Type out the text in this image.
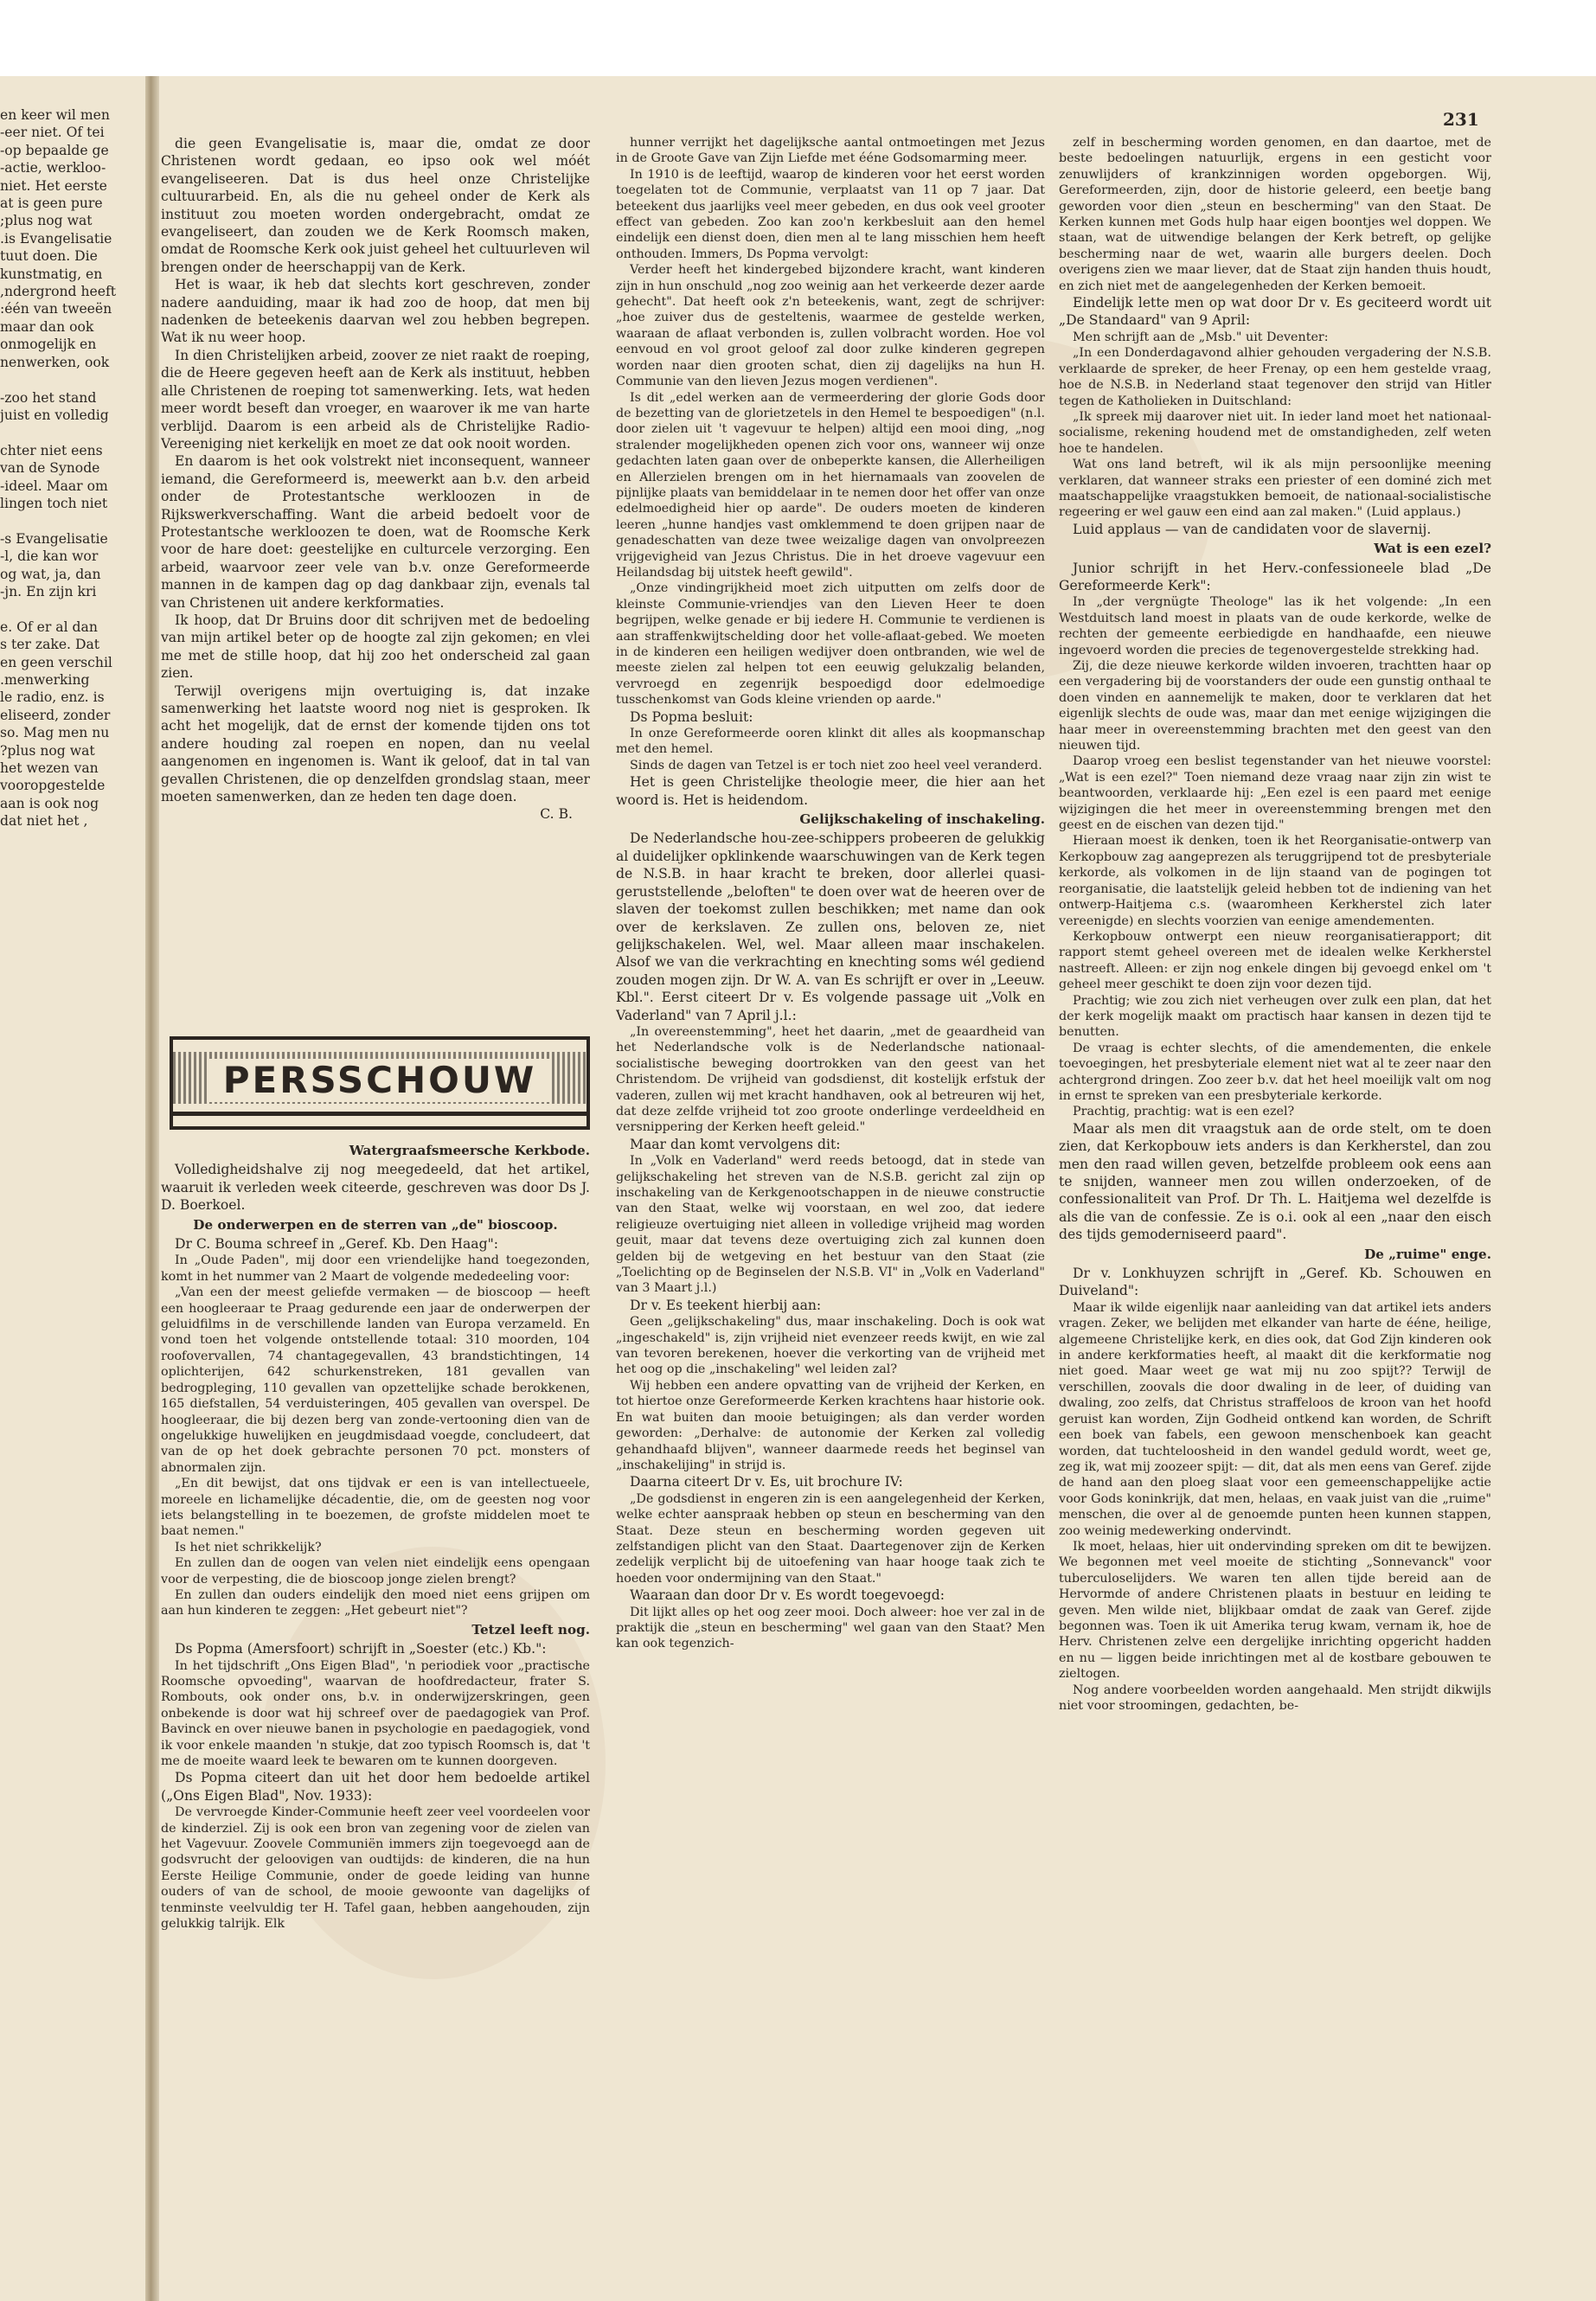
231

en keer wil men

eer niet. Of tei-

op bepaalde ge-

-actie, werkloo-

niet. Het eerste

at is geen pure

plus nog wat;

is Evangelisatie.

tuut doen. Die

kunstmatig, en

ndergrond heeft,

één van tweeën:

maar dan ook

onmogelijk en

nenwerken, ook

zoo het stand-

juist en volledig

chter niet eens

van de Synode

ideel. Maar om-

lingen toch niet

s Evangelisatie-

l, die kan wor-

og wat, ja, dan

jn. En zijn kri-

e. Of er al dan

s ter zake. Dat

en geen verschil

menwerking.

le radio, enz. is

eliseerd, zonder

so. Mag men nu

plus nog wat?

het wezen van

vooropgestelde

aan is ook nog

, dat niet het

die geen Evangelisatie is, maar die, omdat ze door Christenen wordt gedaan, eo ipso ook wel móét evangeliseeren. Dat is dus heel onze Christelijke cultuurarbeid. En, als die nu geheel onder de Kerk als instituut zou moeten worden ondergebracht, omdat ze evangeliseert, dan zouden we de Kerk Roomsch maken, omdat de Roomsche Kerk ook juist geheel het cultuurleven wil brengen onder de heerschappij van de Kerk.

Het is waar, ik heb dat slechts kort geschreven, zonder nadere aanduiding, maar ik had zoo de hoop, dat men bij nadenken de beteekenis daarvan wel zou hebben begrepen. Wat ik nu weer hoop.

In dien Christelijken arbeid, zoover ze niet raakt de roeping, die de Heere gegeven heeft aan de Kerk als instituut, hebben alle Christenen de roeping tot samenwerking. Iets, wat heden meer wordt beseft dan vroeger, en waarover ik me van harte verblijd. Daarom is een arbeid als de Christelijke Radio-Vereeniging niet kerkelijk en moet ze dat ook nooit worden.

En daarom is het ook volstrekt niet inconsequent, wanneer iemand, die Gereformeerd is, meewerkt aan b.v. den arbeid onder de Protestantsche werkloozen in de Rijkswerkverschaffing. Want die arbeid bedoelt voor de Protestantsche werkloozen te doen, wat de Roomsche Kerk voor de hare doet: geestelijke en culturcele verzorging. Een arbeid, waarvoor zeer vele van b.v. onze Gereformeerde mannen in de kampen dag op dag dankbaar zijn, evenals tal van Christenen uit andere kerkformaties.

Ik hoop, dat Dr Bruins door dit schrijven met de bedoeling van mijn artikel beter op de hoogte zal zijn gekomen; en vlei me met de stille hoop, dat hij zoo het onderscheid zal gaan zien.

Terwijl overigens mijn overtuiging is, dat inzake samenwerking het laatste woord nog niet is gesproken. Ik acht het mogelijk, dat de ernst der komende tijden ons tot andere houding zal roepen en nopen, dan nu veelal aangenomen en ingenomen is. Want ik geloof, dat in tal van gevallen Christenen, die op denzelfden grondslag staan, meer moeten samenwerken, dan ze heden ten dage doen.

C. B.

PERSSCHOUW
Watergraafsmeersche Kerkbode.

Volledigheidshalve zij nog meegedeeld, dat het artikel, waaruit ik verleden week citeerde, geschreven was door Ds J. D. Boerkoel.

De onderwerpen en de sterren van „de" bioscoop.

Dr C. Bouma schreef in „Geref. Kb. Den Haag":

In „Oude Paden", mij door een vriendelijke hand toegezonden, komt in het nummer van 2 Maart de volgende mededeeling voor:

„Van een der meest geliefde vermaken — de bioscoop — heeft een hoogleeraar te Praag gedurende een jaar de onderwerpen der geluidfilms in de verschillende landen van Europa verzameld. En vond toen het volgende ontstellende totaal: 310 moorden, 104 roofovervallen, 74 chantagegevallen, 43 brandstichtingen, 14 oplichterijen, 642 schurkenstreken, 181 gevallen van bedrogpleging, 110 gevallen van opzettelijke schade berokkenen, 165 diefstallen, 54 verduisteringen, 405 gevallen van overspel. De hoogleeraar, die bij dezen berg van zonde-vertooning dien van de ongelukkige huwelijken en jeugdmisdaad voegde, concludeert, dat van de op het doek gebrachte personen 70 pct. monsters of abnormalen zijn.

„En dit bewijst, dat ons tijdvak er een is van intellectueele, moreele en lichamelijke décadentie, die, om de geesten nog voor iets belangstelling in te boezemen, de grofste middelen moet te baat nemen."

Is het niet schrikkelijk?

En zullen dan de oogen van velen niet eindelijk eens opengaan voor de verpesting, die de bioscoop jonge zielen brengt?

En zullen dan ouders eindelijk den moed niet eens grijpen om aan hun kinderen te zeggen: „Het gebeurt niet"?

Tetzel leeft nog.

Ds Popma (Amersfoort) schrijft in „Soester (etc.) Kb.":

In het tijdschrift „Ons Eigen Blad", 'n periodiek voor „practische Roomsche opvoeding", waarvan de hoofdredacteur, frater S. Rombouts, ook onder ons, b.v. in onderwijzerskringen, geen onbekende is door wat hij schreef over de paedagogiek van Prof. Bavinck en over nieuwe banen in psychologie en paedagogiek, vond ik voor enkele maanden 'n stukje, dat zoo typisch Roomsch is, dat 't me de moeite waard leek te bewaren om te kunnen doorgeven.

Ds Popma citeert dan uit het door hem bedoelde artikel („Ons Eigen Blad", Nov. 1933):

De vervroegde Kinder-Communie heeft zeer veel voordeelen voor de kinderziel. Zij is ook een bron van zegening voor de zielen van het Vagevuur. Zoovele Communiën immers zijn toegevoegd aan de godsvrucht der geloovigen van oudtijds: de kinderen, die na hun Eerste Heilige Communie, onder de goede leiding van hunne ouders of van de school, de mooie gewoonte van dagelijks of tenminste veelvuldig ter H. Tafel gaan, hebben aangehouden, zijn gelukkig talrijk. Elk

hunner verrijkt het dagelijksche aantal ontmoetingen met Jezus in de Groote Gave van Zijn Liefde met ééne Godsomarming meer.

In 1910 is de leeftijd, waarop de kinderen voor het eerst worden toegelaten tot de Communie, verplaatst van 11 op 7 jaar. Dat beteekent dus jaarlijks veel meer gebeden, en dus ook veel grooter effect van gebeden. Zoo kan zoo'n kerkbesluit aan den hemel eindelijk een dienst doen, dien men al te lang misschien hem heeft onthouden. Immers, Ds Popma vervolgt:

Verder heeft het kindergebed bijzondere kracht, want kinderen zijn in hun onschuld „nog zoo weinig aan het verkeerde dezer aarde gehecht". Dat heeft ook z'n beteekenis, want, zegt de schrijver: „hoe zuiver dus de gesteltenis, waarmee de gestelde werken, waaraan de aflaat verbonden is, zullen volbracht worden. Hoe vol eenvoud en vol groot geloof zal door zulke kinderen gegrepen worden naar dien grooten schat, dien zij dagelijks na hun H. Communie van den lieven Jezus mogen verdienen".

Is dit „edel werken aan de vermeerdering der glorie Gods door de bezetting van de glorietzetels in den Hemel te bespoedigen" (n.l. door zielen uit 't vagevuur te helpen) altijd een mooi ding, „nog stralender mogelijkheden openen zich voor ons, wanneer wij onze gedachten laten gaan over de onbeperkte kansen, die Allerheiligen en Allerzielen brengen om in het hiernamaals van zoovelen de pijnlijke plaats van bemiddelaar in te nemen door het offer van onze edelmoedigheid hier op aarde". De ouders moeten de kinderen leeren „hunne handjes vast omklemmend te doen grijpen naar de genadeschatten van deze twee weizalige dagen van onvolpreezen vrijgevigheid van Jezus Christus. Die in het droeve vagevuur een Heilandsdag bij uitstek heeft gewild".

„Onze vindingrijkheid moet zich uitputten om zelfs door de kleinste Communie-vriendjes van den Lieven Heer te doen begrijpen, welke genade er bij iedere H. Communie te verdienen is aan straffenkwijtschelding door het volle-aflaat-gebed. We moeten in de kinderen een heiligen wedijver doen ontbranden, wie wel de meeste zielen zal helpen tot een eeuwig gelukzalig belanden, vervroegd en zegenrijk bespoedigd door edelmoedige tusschenkomst van Gods kleine vrienden op aarde."

Ds Popma besluit:

In onze Gereformeerde ooren klinkt dit alles als koopmanschap met den hemel.

Sinds de dagen van Tetzel is er toch niet zoo heel veel veranderd.

Het is geen Christelijke theologie meer, die hier aan het woord is. Het is heidendom.

Gelijkschakeling of inschakeling.

De Nederlandsche hou-zee-schippers probeeren de gelukkig al duidelijker opklinkende waarschuwingen van de Kerk tegen de N.S.B. in haar kracht te breken, door allerlei quasi-geruststellende „beloften" te doen over wat de heeren over de slaven der toekomst zullen beschikken; met name dan ook over de kerkslaven. Ze zullen ons, beloven ze, niet gelijkschakelen. Wel, wel. Maar alleen maar inschakelen. Alsof we van die verkrachting en knechting soms wél gediend zouden mogen zijn. Dr W. A. van Es schrijft er over in „Leeuw. Kbl.". Eerst citeert Dr v. Es volgende passage uit „Volk en Vaderland" van 7 April j.l.:

„In overeenstemming", heet het daarin, „met de geaardheid van het Nederlandsche volk is de Nederlandsche nationaal-socialistische beweging doortrokken van den geest van het Christendom. De vrijheid van godsdienst, dit kostelijk erfstuk der vaderen, zullen wij met kracht handhaven, ook al betreuren wij het, dat deze zelfde vrijheid tot zoo groote onderlinge verdeeldheid en versnippering der Kerken heeft geleid."

Maar dan komt vervolgens dit:

In „Volk en Vaderland" werd reeds betoogd, dat in stede van gelijkschakeling het streven van de N.S.B. gericht zal zijn op inschakeling van de Kerkgenootschappen in de nieuwe constructie van den Staat, welke wij voorstaan, en wel zoo, dat iedere religieuze overtuiging niet alleen in volledige vrijheid mag worden geuit, maar dat tevens deze overtuiging zich zal kunnen doen gelden bij de wetgeving en het bestuur van den Staat (zie „Toelichting op de Beginselen der N.S.B. VI" in „Volk en Vaderland" van 3 Maart j.l.)

Dr v. Es teekent hierbij aan:

Geen „gelijkschakeling" dus, maar inschakeling. Doch is ook wat „ingeschakeld" is, zijn vrijheid niet evenzeer reeds kwijt, en wie zal van tevoren berekenen, hoever die verkorting van de vrijheid met het oog op die „inschakeling" wel leiden zal?

Wij hebben een andere opvatting van de vrijheid der Kerken, en tot hiertoe onze Gereformeerde Kerken krachtens haar historie ook. En wat buiten dan mooie betuigingen; als dan verder worden geworden: „Derhalve: de autonomie der Kerken zal volledig gehandhaafd blijven", wanneer daarmede reeds het beginsel van „inschakelijing" in strijd is.

Daarna citeert Dr v. Es, uit brochure IV:

„De godsdienst in engeren zin is een aangelegenheid der Kerken, welke echter aanspraak hebben op steun en bescherming van den Staat. Deze steun en bescherming worden gegeven uit zelfstandigen plicht van den Staat. Daartegenover zijn de Kerken zedelijk verplicht bij de uitoefening van haar hooge taak zich te hoeden voor ondermijning van den Staat."

Waaraan dan door Dr v. Es wordt toegevoegd:

Dit lijkt alles op het oog zeer mooi. Doch alweer: hoe ver zal in de praktijk die „steun en bescherming" wel gaan van den Staat? Men kan ook tegenzich-

zelf in bescherming worden genomen, en dan daartoe, met de beste bedoelingen natuurlijk, ergens in een gesticht voor zenuwlijders of krankzinnigen worden opgeborgen. Wij, Gereformeerden, zijn, door de historie geleerd, een beetje bang geworden voor dien „steun en bescherming" van den Staat. De Kerken kunnen met Gods hulp haar eigen boontjes wel doppen. We staan, wat de uitwendige belangen der Kerk betreft, op gelijke bescherming naar de wet, waarin alle burgers deelen. Doch overigens zien we maar liever, dat de Staat zijn handen thuis houdt, en zich niet met de aangelegenheden der Kerken bemoeit.

Eindelijk lette men op wat door Dr v. Es geciteerd wordt uit „De Standaard" van 9 April:

Men schrijft aan de „Msb." uit Deventer:

„In een Donderdagavond alhier gehouden vergadering der N.S.B. verklaarde de spreker, de heer Frenay, op een hem gestelde vraag, hoe de N.S.B. in Nederland staat tegenover den strijd van Hitler tegen de Katholieken in Duitschland:

„Ik spreek mij daarover niet uit. In ieder land moet het nationaal-socialisme, rekening houdend met de omstandigheden, zelf weten hoe te handelen.

Wat ons land betreft, wil ik als mijn persoonlijke meening verklaren, dat wanneer straks een priester of een dominé zich met maatschappelijke vraagstukken bemoeit, de nationaal-socialistische regeering er wel gauw een eind aan zal maken." (Luid applaus.)

Luid applaus — van de candidaten voor de slavernij.

Wat is een ezel?

Junior schrijft in het Herv.-confessioneele blad „De Gereformeerde Kerk":

In „der vergnügte Theologe" las ik het volgende: „In een Westduitsch land moest in plaats van de oude kerkorde, welke de rechten der gemeente eerbiedigde en handhaafde, een nieuwe ingevoerd worden die precies de tegenovergestelde strekking had.

Zij, die deze nieuwe kerkorde wilden invoeren, trachtten haar op een vergadering bij de voorstanders der oude een gunstig onthaal te doen vinden en aannemelijk te maken, door te verklaren dat het eigenlijk slechts de oude was, maar dan met eenige wijzigingen die haar meer in overeenstemming brachten met den geest van den nieuwen tijd.

Daarop vroeg een beslist tegenstander van het nieuwe voorstel: „Wat is een ezel?" Toen niemand deze vraag naar zijn zin wist te beantwoorden, verklaarde hij: „Een ezel is een paard met eenige wijzigingen die het meer in overeenstemming brengen met den geest en de eischen van dezen tijd."

Hieraan moest ik denken, toen ik het Reorganisatie-ontwerp van Kerkopbouw zag aangeprezen als teruggrijpend tot de presbyteriale kerkorde, als volkomen in de lijn staand van de pogingen tot reorganisatie, die laatstelijk geleid hebben tot de indiening van het ontwerp-Haitjema c.s. (waaromheen Kerkherstel zich later vereenigde) en slechts voorzien van eenige amendementen.

Kerkopbouw ontwerpt een nieuw reorganisatierapport; dit rapport stemt geheel overeen met de idealen welke Kerkherstel nastreeft. Alleen: er zijn nog enkele dingen bij gevoegd enkel om 't geheel meer geschikt te doen zijn voor dezen tijd.

Prachtig; wie zou zich niet verheugen over zulk een plan, dat het der kerk mogelijk maakt om practisch haar kansen in dezen tijd te benutten.

De vraag is echter slechts, of die amendementen, die enkele toevoegingen, het presbyteriale element niet wat al te zeer naar den achtergrond dringen. Zoo zeer b.v. dat het heel moeilijk valt om nog in ernst te spreken van een presbyteriale kerkorde.

Prachtig, prachtig: wat is een ezel?

Maar als men dit vraagstuk aan de orde stelt, om te doen zien, dat Kerkopbouw iets anders is dan Kerkherstel, dan zou men den raad willen geven, betzelfde probleem ook eens aan te snijden, wanneer men zou willen onderzoeken, of de confessionaliteit van Prof. Dr Th. L. Haitjema wel dezelfde is als die van de confessie. Ze is o.i. ook al een „naar den eisch des tijds gemoderniseerd paard".

De „ruime" enge.

Dr v. Lonkhuyzen schrijft in „Geref. Kb. Schouwen en Duiveland":

Maar ik wilde eigenlijk naar aanleiding van dat artikel iets anders vragen. Zeker, we belijden met elkander van harte de ééne, heilige, algemeene Christelijke kerk, en dies ook, dat God Zijn kinderen ook in andere kerkformaties heeft, al maakt dit die kerkformatie nog niet goed. Maar weet ge wat mij nu zoo spijt?? Terwijl de verschillen, zoovals die door dwaling in de leer, of duiding van dwaling, zoo zelfs, dat Christus straffeloos de kroon van het hoofd geruist kan worden, Zijn Godheid ontkend kan worden, de Schrift een boek van fabels, een gewoon menschenboek kan geacht worden, dat tuchteloosheid in den wandel geduld wordt, weet ge, zeg ik, wat mij zoozeer spijt: — dit, dat als men eens van Geref. zijde de hand aan den ploeg slaat voor een gemeenschappelijke actie voor Gods koninkrijk, dat men, helaas, en vaak juist van die „ruime" menschen, die over al de genoemde punten heen kunnen stappen, zoo weinig medewerking ondervindt.

Ik moet, helaas, hier uit ondervinding spreken om dit te bewijzen. We begonnen met veel moeite de stichting „Sonnevanck" voor tuberculoselijders. We waren ten allen tijde bereid aan de Hervormde of andere Christenen plaats in bestuur en leiding te geven. Men wilde niet, blijkbaar omdat de zaak van Geref. zijde begonnen was. Toen ik uit Amerika terug kwam, vernam ik, hoe de Herv. Christenen zelve een dergelijke inrichting opgericht hadden en nu — liggen beide inrichtingen met al de kostbare gebouwen te zieltogen.

Nog andere voorbeelden worden aangehaald. Men strijdt dikwijls niet voor stroomingen, gedachten, be-
